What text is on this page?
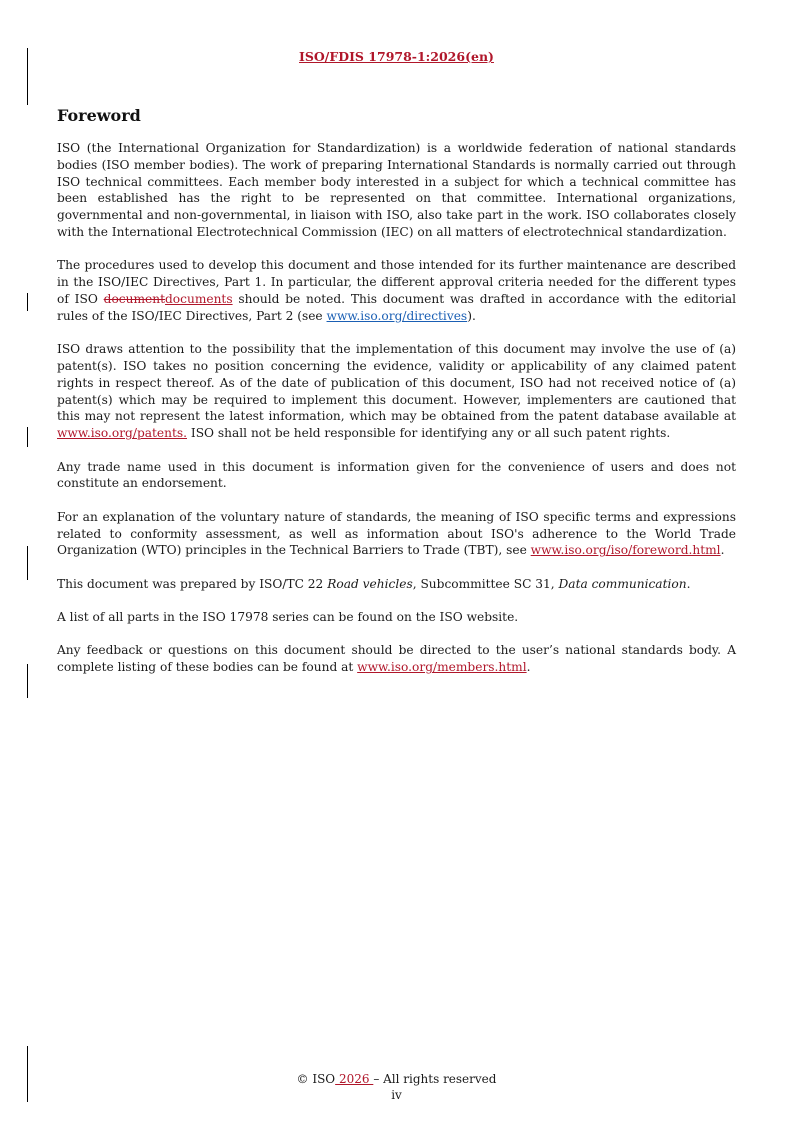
ISO/FDIS 17978-1:2026(en)
Foreword

ISO (the International Organization for Standardization) is a worldwide federation of national standards bodies (ISO member bodies). The work of preparing International Standards is normally carried out through ISO technical committees. Each member body interested in a subject for which a technical committee has been established has the right to be represented on that committee. International organizations, governmental and non-governmental, in liaison with ISO, also take part in the work. ISO collaborates closely with the International Electrotechnical Commission (IEC) on all matters of electrotechnical standardization.

The procedures used to develop this document and those intended for its further maintenance are described in the ISO/IEC Directives, Part 1. In particular, the different approval criteria needed for the different types of ISO documentdocuments should be noted. This document was drafted in accordance with the editorial rules of the ISO/IEC Directives, Part 2 (see www.iso.org/directives).

ISO draws attention to the possibility that the implementation of this document may involve the use of (a) patent(s). ISO takes no position concerning the evidence, validity or applicability of any claimed patent rights in respect thereof. As of the date of publication of this document, ISO had not received notice of (a) patent(s) which may be required to implement this document. However, implementers are cautioned that this may not represent the latest information, which may be obtained from the patent database available at www.iso.org/patents. ISO shall not be held responsible for identifying any or all such patent rights.

Any trade name used in this document is information given for the convenience of users and does not constitute an endorsement.

For an explanation of the voluntary nature of standards, the meaning of ISO specific terms and expressions related to conformity assessment, as well as information about ISO's adherence to the World Trade Organization (WTO) principles in the Technical Barriers to Trade (TBT), see www.iso.org/iso/foreword.html.

This document was prepared by ISO/TC 22 Road vehicles, Subcommittee SC 31, Data communication.

A list of all parts in the ISO 17978 series can be found on the ISO website.

Any feedback or questions on this document should be directed to the user’s national standards body. A complete listing of these bodies can be found at www.iso.org/members.html.

© ISO 2026 – All rights reserved
iv
